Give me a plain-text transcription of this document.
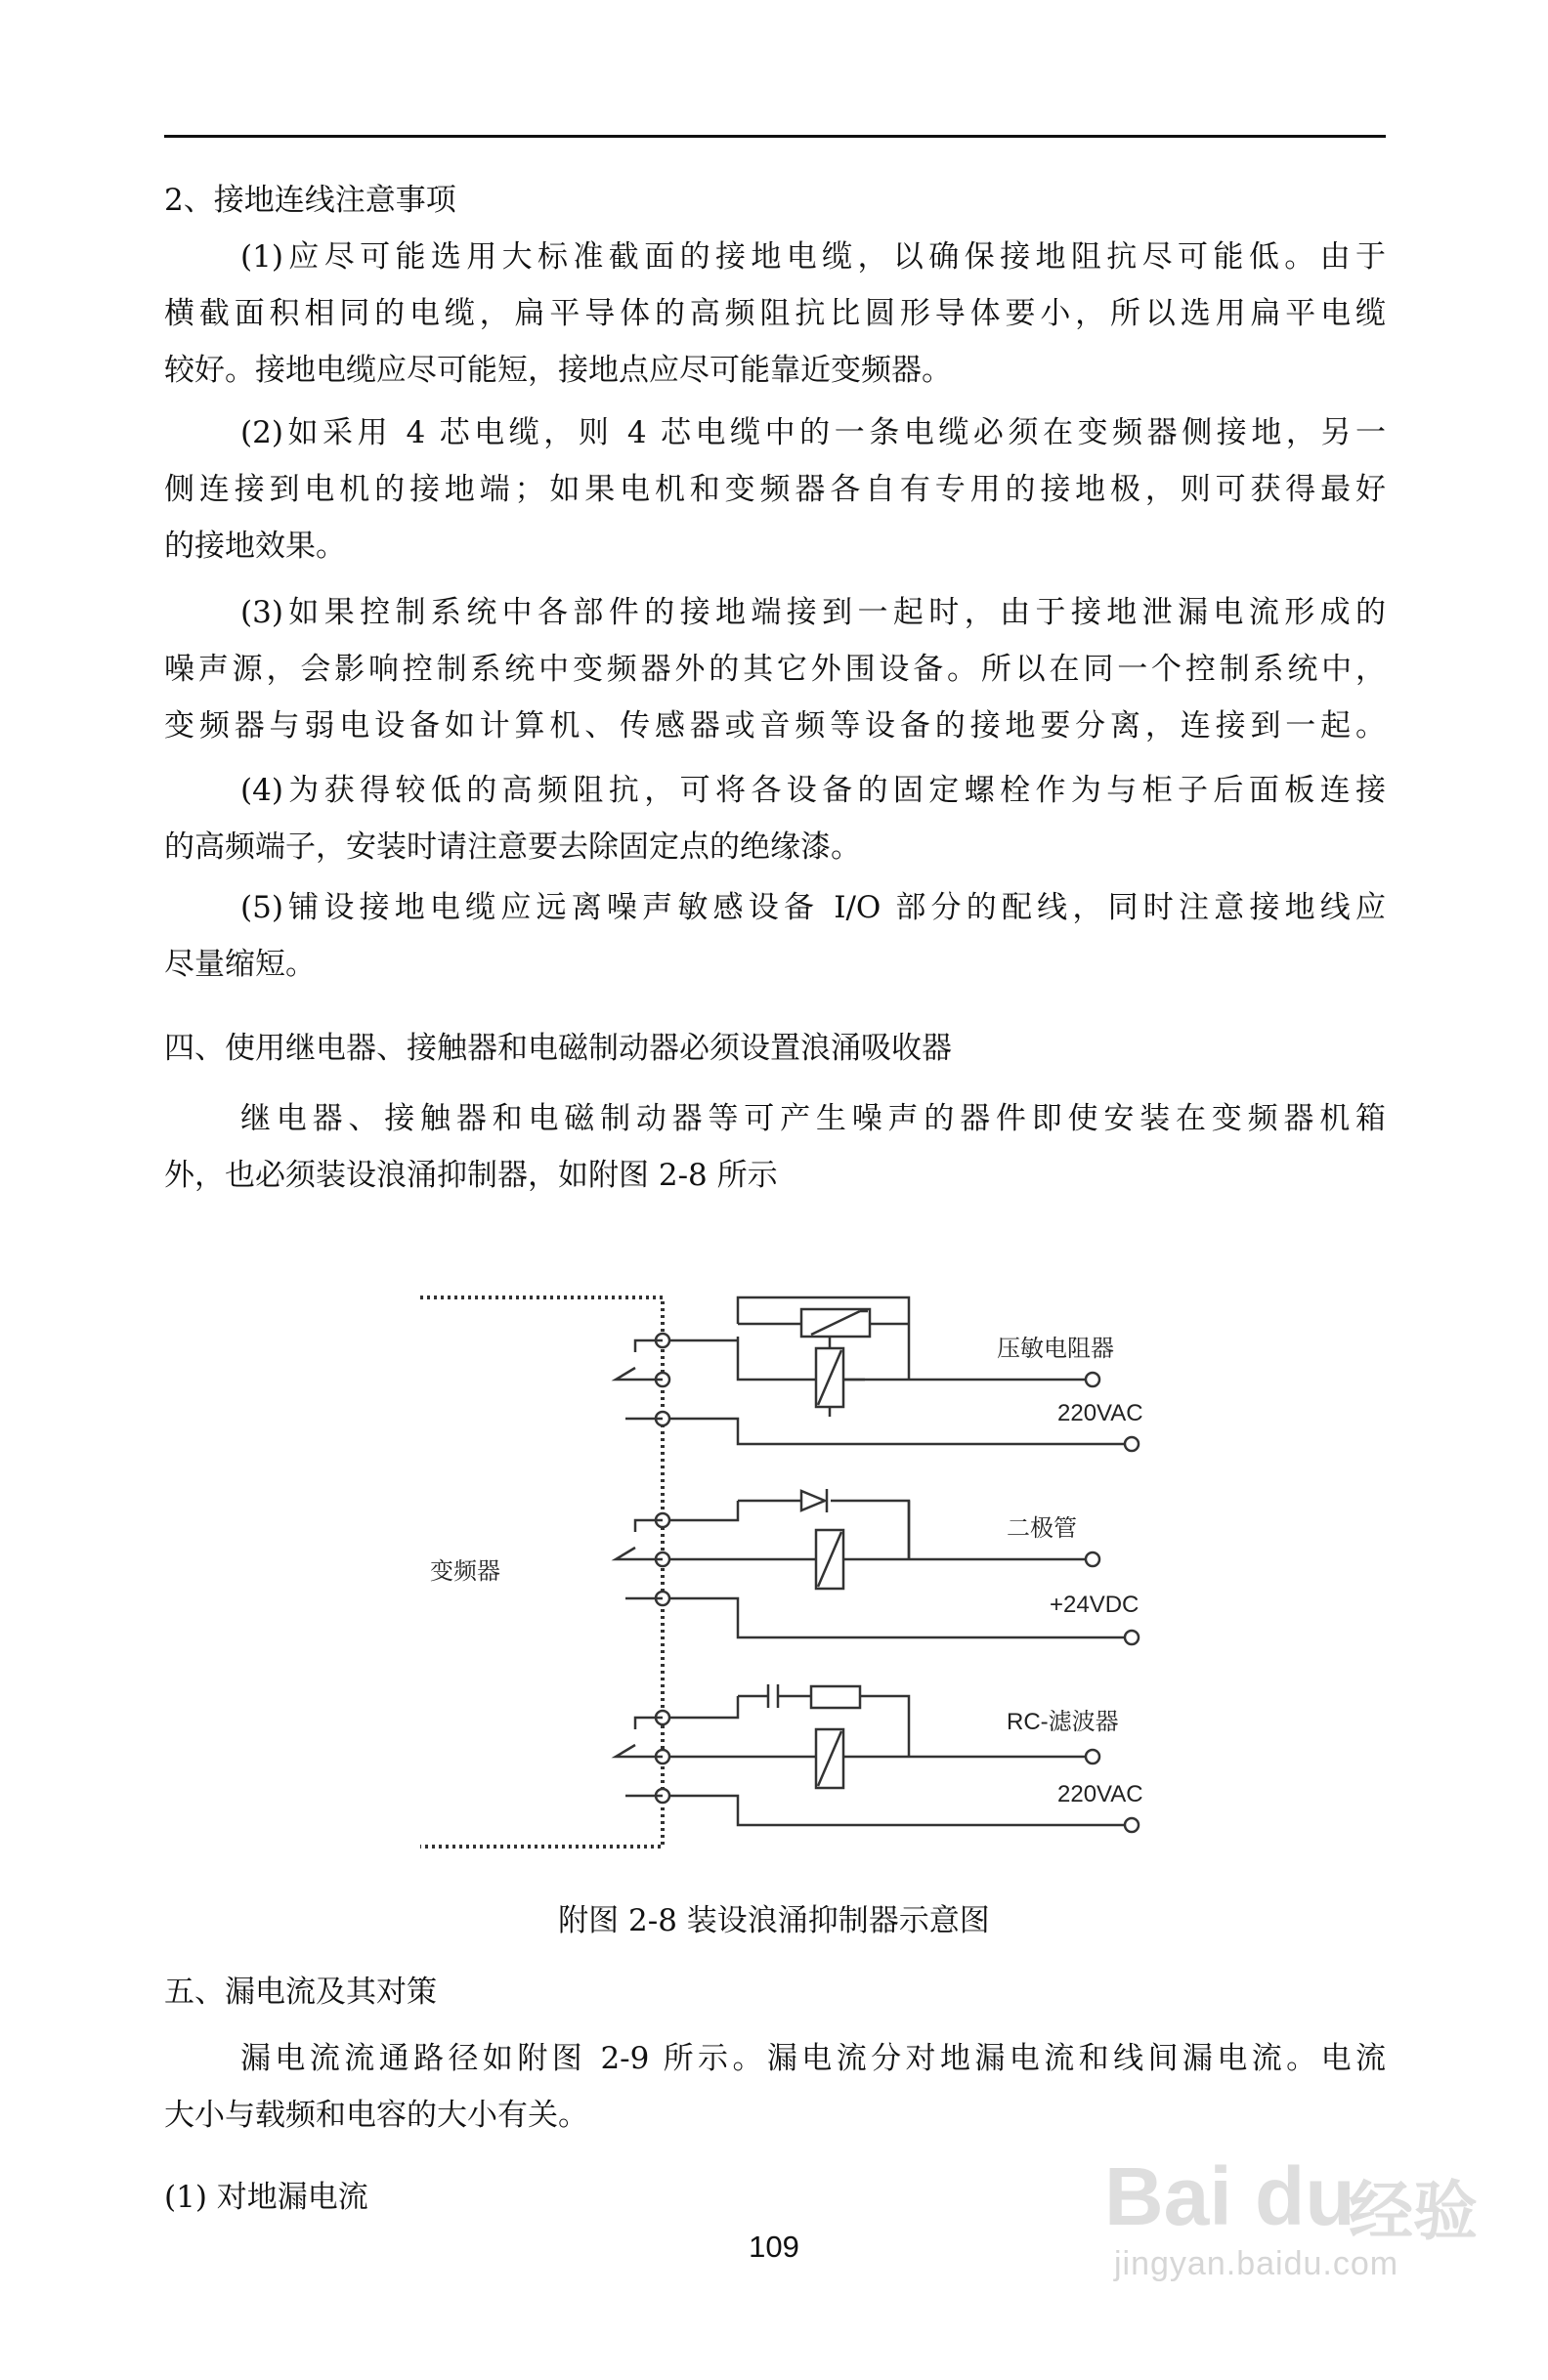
2、接地连线注意事项
(1)应尽可能选用大标准截面的接地电缆，以确保接地阻抗尽可能低。由于
横截面积相同的电缆，扁平导体的高频阻抗比圆形导体要小，所以选用扁平电缆
较好。接地电缆应尽可能短，接地点应尽可能靠近变频器。
(2)如采用 4 芯电缆，则 4 芯电缆中的一条电缆必须在变频器侧接地，另一
侧连接到电机的接地端；如果电机和变频器各自有专用的接地极，则可获得最好
的接地效果。
(3)如果控制系统中各部件的接地端接到一起时，由于接地泄漏电流形成的
噪声源，会影响控制系统中变频器外的其它外围设备。所以在同一个控制系统中，
变频器与弱电设备如计算机、传感器或音频等设备的接地要分离，连接到一起。
(4)为获得较低的高频阻抗，可将各设备的固定螺栓作为与柜子后面板连接
的高频端子，安装时请注意要去除固定点的绝缘漆。
(5)铺设接地电缆应远离噪声敏感设备 I/O 部分的配线，同时注意接地线应
尽量缩短。
四、使用继电器、接触器和电磁制动器必须设置浪涌吸收器
继电器、接触器和电磁制动器等可产生噪声的器件即使安装在变频器机箱
外，也必须装设浪涌抑制器，如附图 2-8 所示
变频器
压敏电阻器
220VAC
二极管
+24VDC
RC-滤波器
220VAC
附图 2-8 装设浪涌抑制器示意图
五、漏电流及其对策
漏电流流通路径如附图 2-9 所示。漏电流分对地漏电流和线间漏电流。电流
大小与载频和电容的大小有关。
(1) 对地漏电流
109
Bai du
经验
jingyan.baidu.com
